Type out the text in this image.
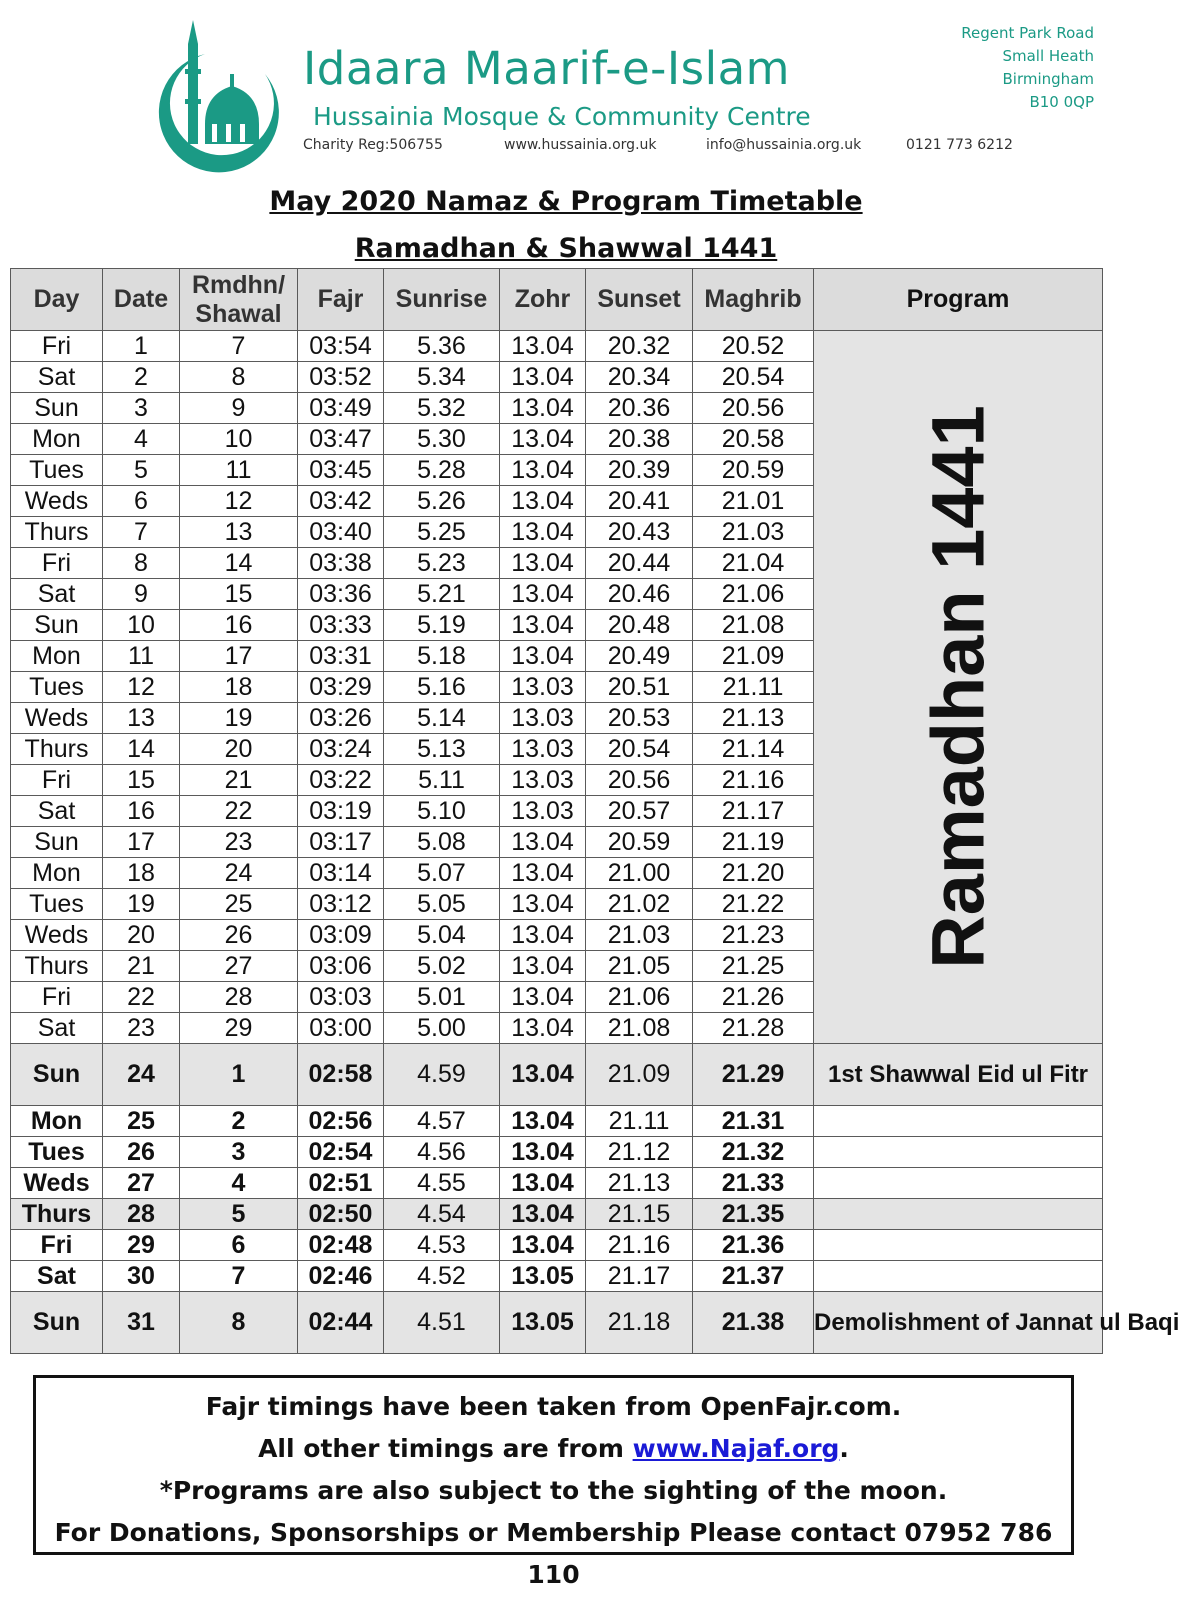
Idaara Maarif-e-Islam
Hussainia Mosque & Community Centre
Charity Reg:506755	www.hussainia.org.uk	info@hussainia.org.uk	0121 773 6212
Regent Park Road
Small Heath
Birmingham
B10 0QP
May 2020 Namaz & Program Timetable
Ramadhan & Shawwal 1441
Day	Date	Rmdhn/ Shawal	Fajr	Sunrise	Zohr	Sunset	Maghrib	Program
Fri	1	7	03:54	5.36	13.04	20.32	20.52	Ramadhan 1441

Sat	2	8	03:52	5.34	13.04	20.34	20.54	
Sun	3	9	03:49	5.32	13.04	20.36	20.56	
Mon	4	10	03:47	5.30	13.04	20.38	20.58	
Tues	5	11	03:45	5.28	13.04	20.39	20.59	
Weds	6	12	03:42	5.26	13.04	20.41	21.01	
Thurs	7	13	03:40	5.25	13.04	20.43	21.03	
Fri	8	14	03:38	5.23	13.04	20.44	21.04	
Sat	9	15	03:36	5.21	13.04	20.46	21.06	
Sun	10	16	03:33	5.19	13.04	20.48	21.08	
Mon	11	17	03:31	5.18	13.04	20.49	21.09	
Tues	12	18	03:29	5.16	13.03	20.51	21.11	
Weds	13	19	03:26	5.14	13.03	20.53	21.13	
Thurs	14	20	03:24	5.13	13.03	20.54	21.14	
Fri	15	21	03:22	5.11	13.03	20.56	21.16	
Sat	16	22	03:19	5.10	13.03	20.57	21.17	
Sun	17	23	03:17	5.08	13.04	20.59	21.19	
Mon	18	24	03:14	5.07	13.04	21.00	21.20	
Tues	19	25	03:12	5.05	13.04	21.02	21.22	
Weds	20	26	03:09	5.04	13.04	21.03	21.23	
Thurs	21	27	03:06	5.02	13.04	21.05	21.25	
Fri	22	28	03:03	5.01	13.04	21.06	21.26	
Sat	23	29	03:00	5.00	13.04	21.08	21.28	
Sun	24	1	02:58	4.59	13.04	21.09	21.29	1st Shawwal Eid ul Fitr
Mon	25	2	02:56	4.57	13.04	21.11	21.31	
Tues	26	3	02:54	4.56	13.04	21.12	21.32	
Weds	27	4	02:51	4.55	13.04	21.13	21.33	
Thurs	28	5	02:50	4.54	13.04	21.15	21.35	
Fri	29	6	02:48	4.53	13.04	21.16	21.36	
Sat	30	7	02:46	4.52	13.05	21.17	21.37	
Sun	31	8	02:44	4.51	13.05	21.18	21.38	Demolishment of Jannat ul Baqi
Fajr timings have been taken from OpenFajr.com.
All other timings are from www.Najaf.org.
*Programs are also subject to the sighting of the moon.
For Donations, Sponsorships or Membership Please contact 07952 786 110
